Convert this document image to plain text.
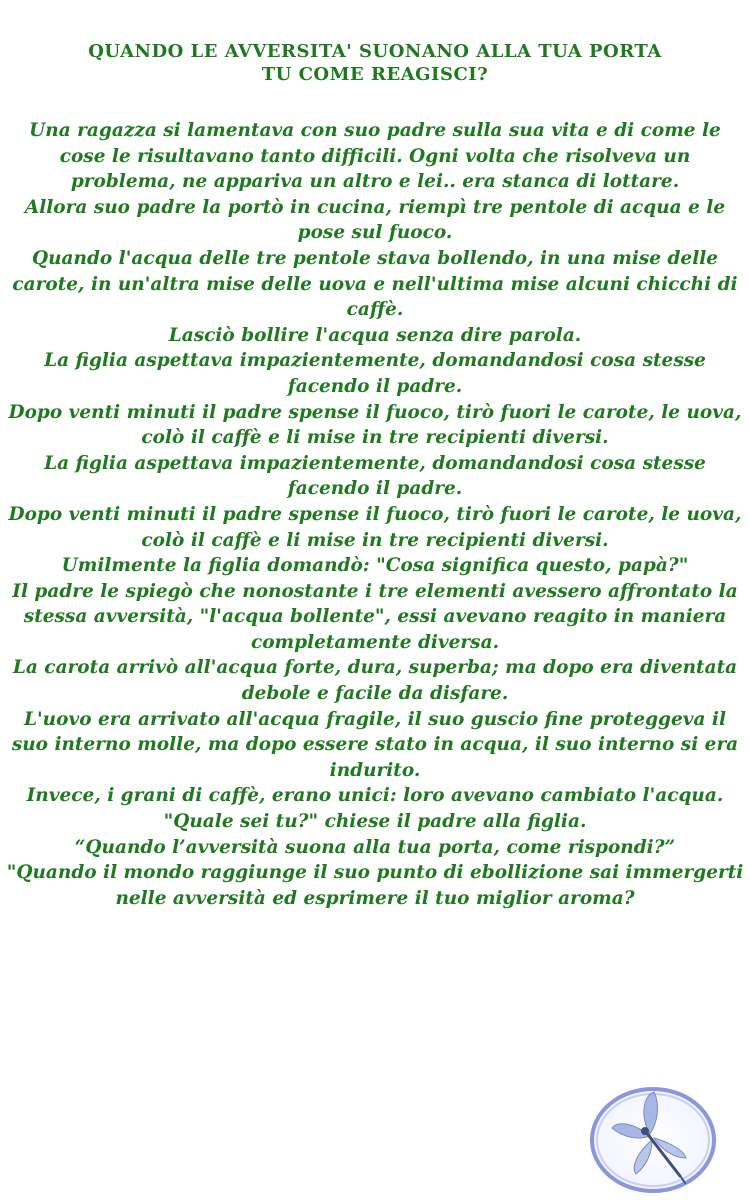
QUANDO LE AVVERSITA' SUONANO ALLA TUA PORTA
TU COME REAGISCI?

Una ragazza si lamentava con suo padre sulla sua vita e di come le cose le risultavano tanto difficili. Ogni volta che risolveva un problema, ne appariva un altro e lei.. era stanca di lottare.

Allora suo padre la portò in cucina, riempì tre pentole di acqua e le pose sul fuoco.

Quando l'acqua delle tre pentole stava bollendo, in una mise delle carote, in un'altra mise delle uova e nell'ultima mise alcuni chicchi di caffè.

Lasciò bollire l'acqua senza dire parola.

La figlia aspettava impazientemente, domandandosi cosa stesse facendo il padre.

Dopo venti minuti il padre spense il fuoco, tirò fuori le carote, le uova, colò il caffè e li mise in tre recipienti diversi.

La figlia aspettava impazientemente, domandandosi cosa stesse facendo il padre.

Dopo venti minuti il padre spense il fuoco, tirò fuori le carote, le uova, colò il caffè e li mise in tre recipienti diversi.

Umilmente la figlia domandò: "Cosa significa questo, papà?"

Il padre le spiegò che nonostante i tre elementi avessero affrontato la stessa avversità, "l'acqua bollente", essi avevano reagito in maniera completamente diversa.

La carota arrivò all'acqua forte, dura, superba; ma dopo era diventata debole e facile da disfare.

L'uovo era arrivato all'acqua fragile, il suo guscio fine proteggeva il suo interno molle, ma dopo essere stato in acqua, il suo interno si era indurito.

Invece, i grani di caffè, erano unici: loro avevano cambiato l'acqua.

"Quale sei tu?" chiese il padre alla figlia.

“Quando l’avversità suona alla tua porta, come rispondi?”

"Quando il mondo raggiunge il suo punto di ebollizione sai immergerti nelle avversità ed esprimere il tuo miglior aroma?
